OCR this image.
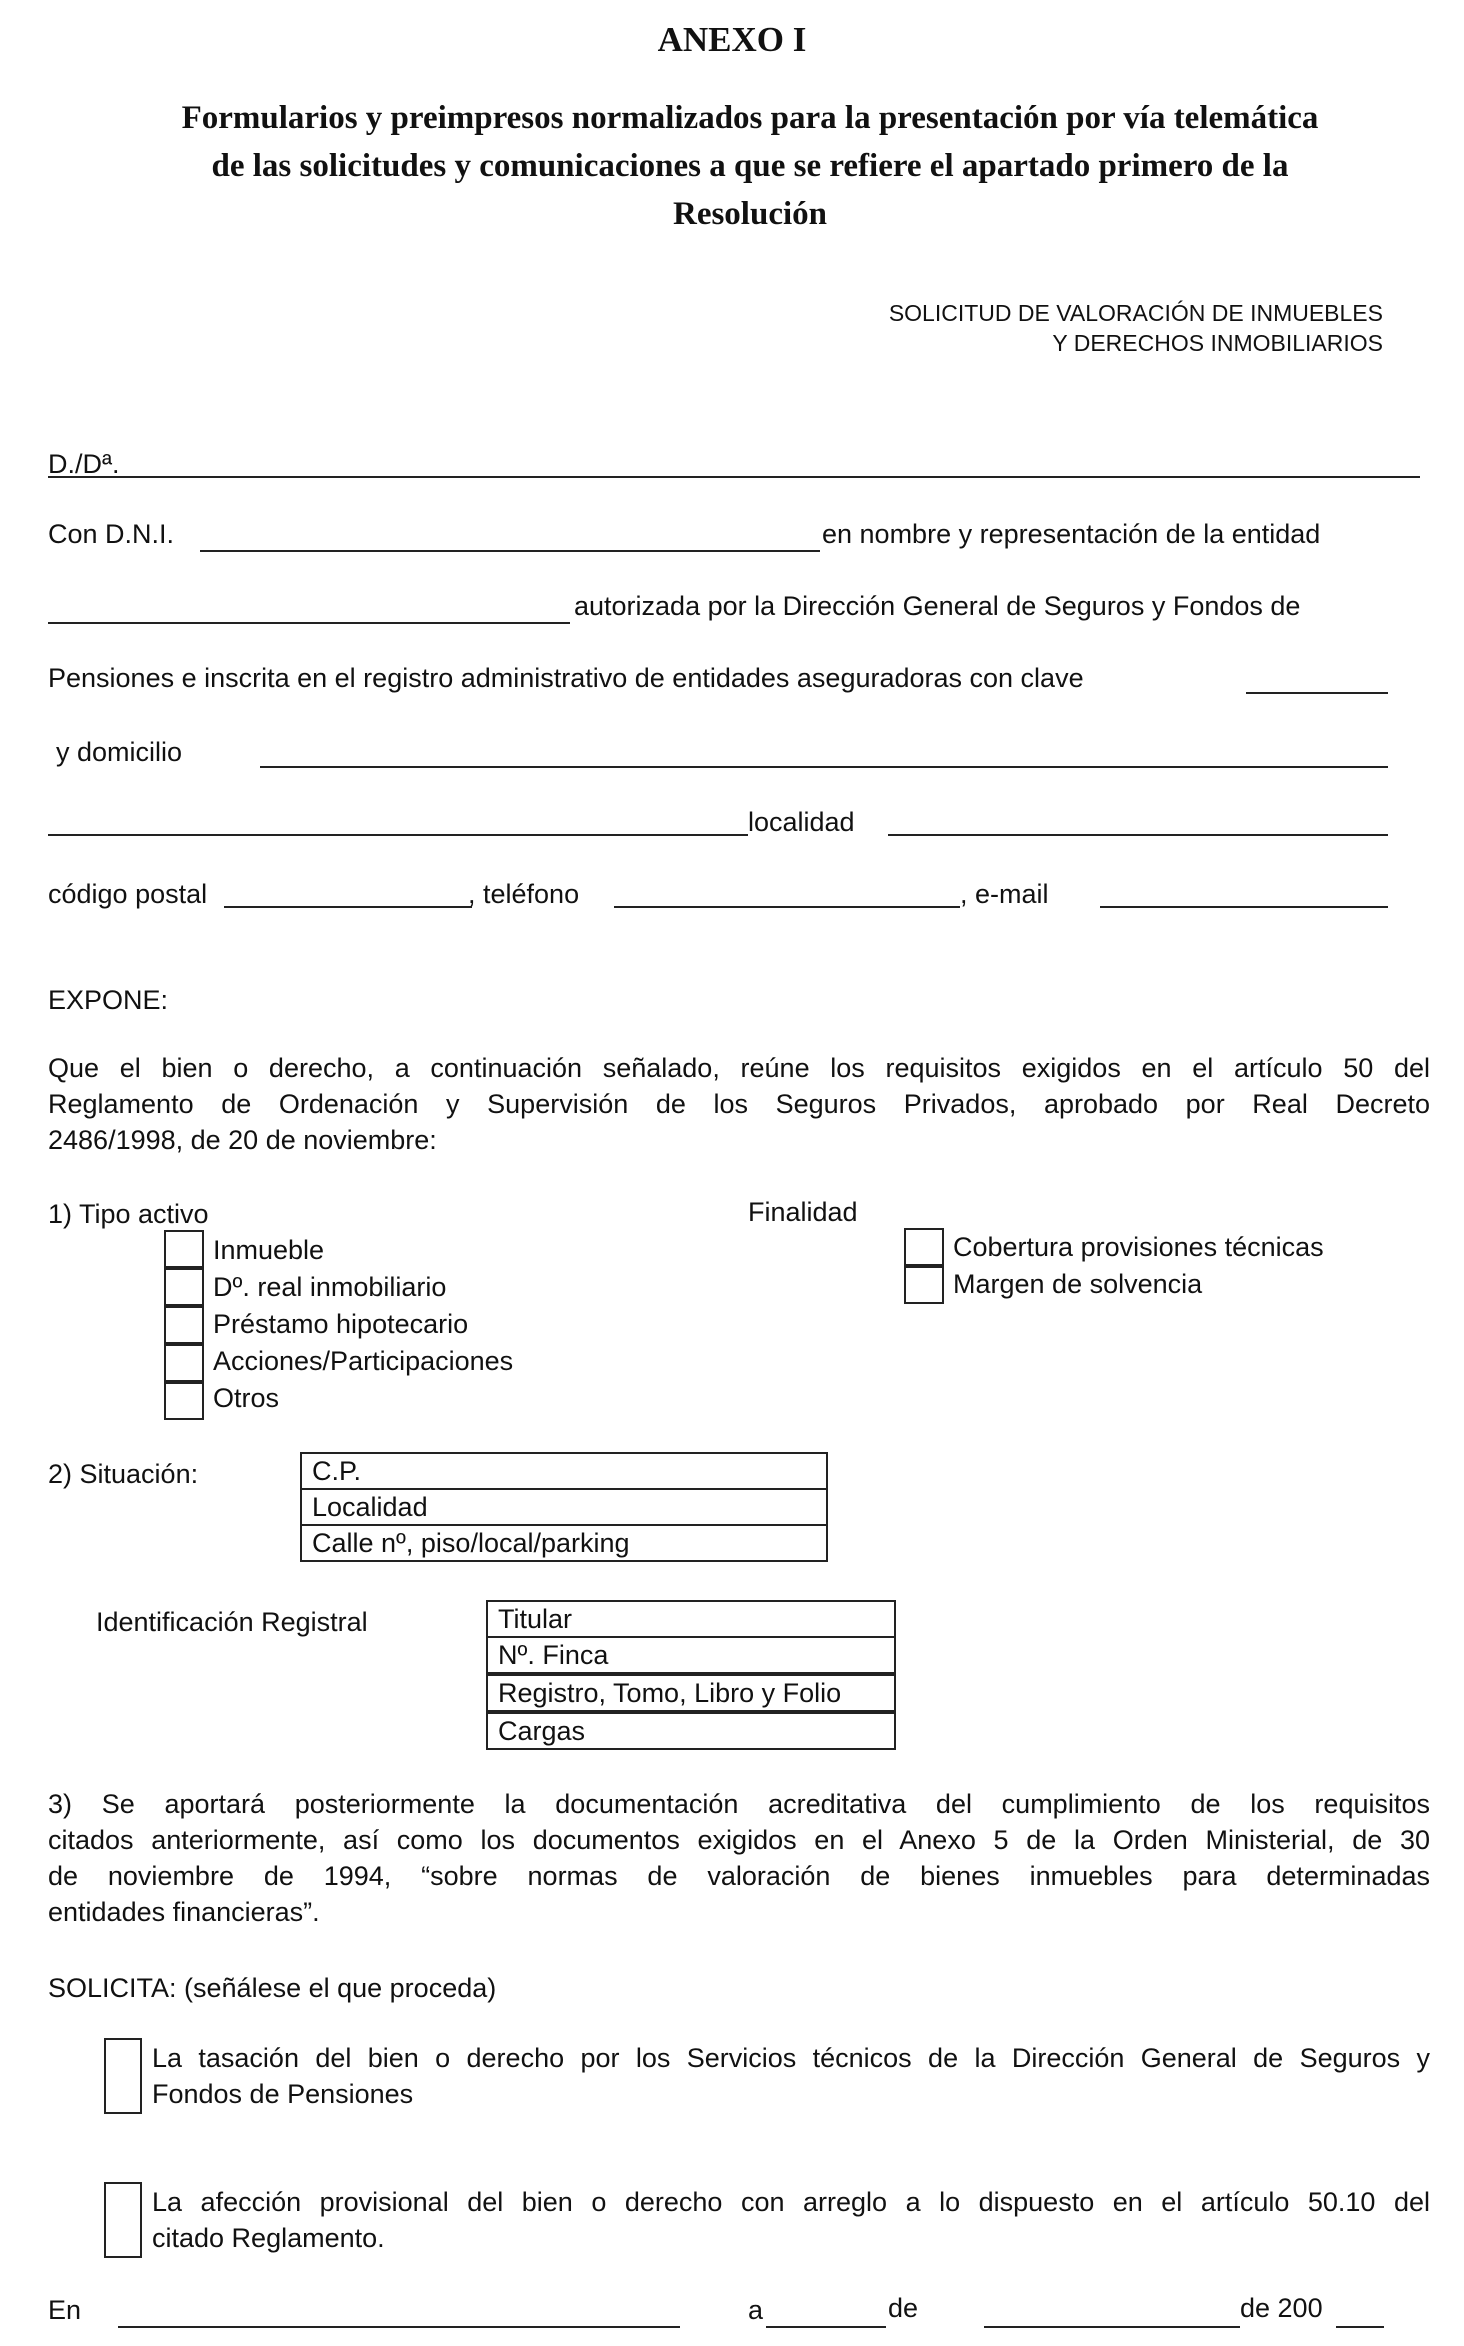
ANEXO I
Formularios y preimpresos normalizados para la presentación por vía telemática
de las solicitudes y comunicaciones a que se refiere el apartado primero de la
Resolución
SOLICITUD DE VALORACIÓN DE INMUEBLES
Y DERECHOS INMOBILIARIOS
D./Dª.
Con D.N.I.	en nombre y representación de la entidad
autorizada por la Dirección General de Seguros y Fondos de
Pensiones e inscrita en el registro administrativo de entidades aseguradoras con clave
y domicilio
localidad
código postal	, teléfono	, e-mail
EXPONE:
Que el bien o derecho, a continuación señalado, reúne los requisitos exigidos en el artículo 50 del
Reglamento de Ordenación y Supervisión de los Seguros Privados, aprobado por Real Decreto
2486/1998, de 20 de noviembre:
1) Tipo activo
Inmueble
Dº. real inmobiliario
Préstamo hipotecario
Acciones/Participaciones
Otros
Finalidad
Cobertura provisiones técnicas
Margen de solvencia
2) Situación:	C.P.
Localidad
Calle nº, piso/local/parking
Identificación Registral	Titular
Nº. Finca
Registro, Tomo, Libro y Folio
Cargas
3) Se aportará posteriormente la documentación acreditativa del cumplimiento de los requisitos
citados anteriormente, así como los documentos exigidos en el Anexo 5 de la Orden Ministerial, de 30
de noviembre de 1994, “sobre normas de valoración de bienes inmuebles para determinadas
entidades financieras”.
SOLICITA: (señálese el que proceda)
La tasación del bien o derecho por los Servicios técnicos de la Dirección General de Seguros y
Fondos de Pensiones
La afección provisional del bien o derecho con arreglo a lo dispuesto en el artículo 50.10 del
citado Reglamento.
En	a	de	de 200
